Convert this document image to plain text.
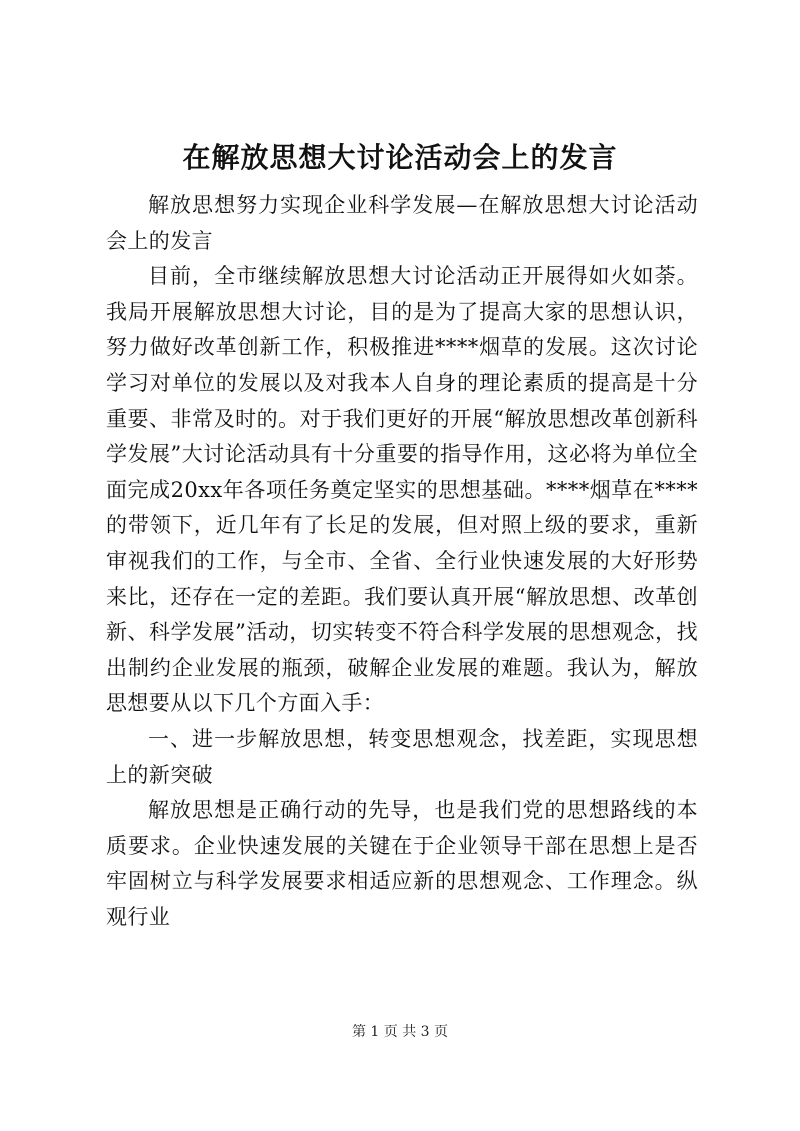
在解放思想大讨论活动会上的发言

解放思想努力实现企业科学发展—在解放思想大讨论活动会上的发言

目前，全市继续解放思想大讨论活动正开展得如火如荼。我局开展解放思想大讨论，目的是为了提高大家的思想认识，努力做好改革创新工作，积极推进****烟草的发展。这次讨论学习对单位的发展以及对我本人自身的理论素质的提高是十分重要、非常及时的。对于我们更好的开展“解放思想改革创新科学发展”大讨论活动具有十分重要的指导作用，这必将为单位全面完成20xx年各项任务奠定坚实的思想基础。****烟草在****的带领下，近几年有了长足的发展，但对照上级的要求，重新审视我们的工作，与全市、全省、全行业快速发展的大好形势来比，还存在一定的差距。我们要认真开展“解放思想、改革创新、科学发展”活动，切实转变不符合科学发展的思想观念，找出制约企业发展的瓶颈，破解企业发展的难题。我认为，解放思想要从以下几个方面入手：

一、进一步解放思想，转变思想观念，找差距，实现思想上的新突破

解放思想是正确行动的先导，也是我们党的思想路线的本质要求。企业快速发展的关键在于企业领导干部在思想上是否牢固树立与科学发展要求相适应新的思想观念、工作理念。纵观行业

第 1 页 共 3 页
